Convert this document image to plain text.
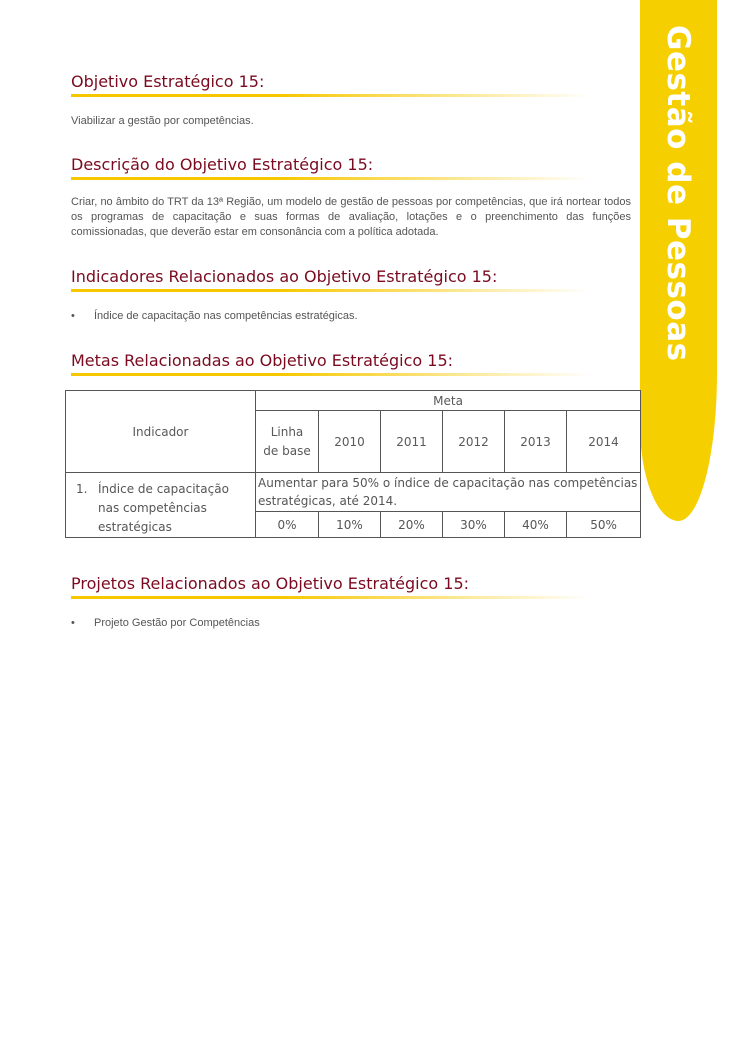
Gestão de Pessoas
Objetivo Estratégico 15:

Viabilizar a gestão por competências.

Descrição do Objetivo Estratégico 15:

Criar, no âmbito do TRT da 13ª Região, um modelo de gestão de pessoas por competências, que irá nortear todos os programas de capacitação e suas formas de avaliação, lotações e o preenchimento das funções comissionadas, que deverão estar em consonância com a política adotada.

Indicadores Relacionados ao Objetivo Estratégico 15:
• Índice de capacitação nas competências estratégicas.
Metas Relacionadas ao Objetivo Estratégico 15:
Indicador	Meta					
	Linha de base	2010	2011	2012	2013	2014
1. Índice de capacitação nas competências estratégicas	Aumentar para 50% o índice de capacitação nas competências estratégicas, até 2014.					
	0%	10%	20%	30%	40%	50%
Projetos Relacionados ao Objetivo Estratégico 15:
• Projeto Gestão por Competências
